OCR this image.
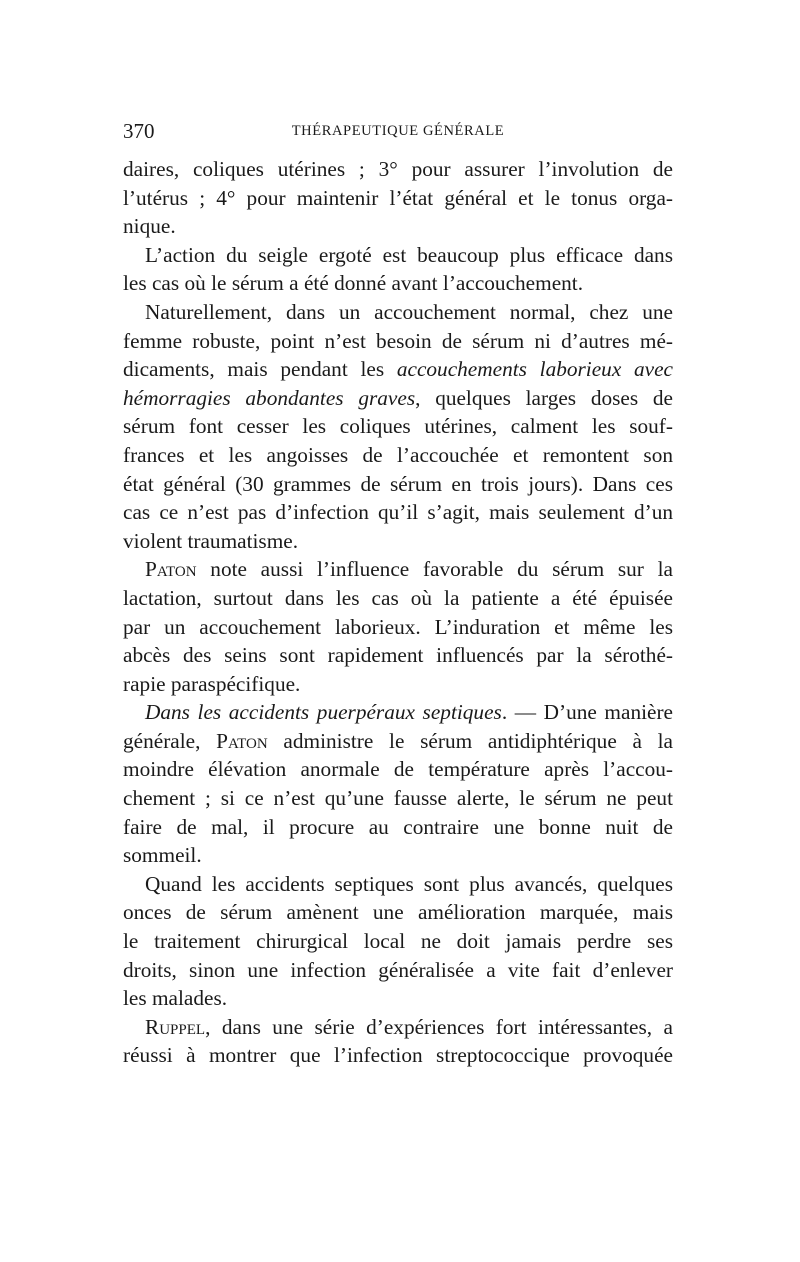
370	THÉRAPEUTIQUE GÉNÉRALE
daires, coliques utérines ; 3° pour assurer l’involution de
l’utérus ; 4° pour maintenir l’état général et le tonus orga-
nique.
L’action du seigle ergoté est beaucoup plus efficace dans
les cas où le sérum a été donné avant l’accouchement.
Naturellement, dans un accouchement normal, chez une
femme robuste, point n’est besoin de sérum ni d’autres mé-
dicaments, mais pendant les accouchements laborieux avec
hémorragies abondantes graves, quelques larges doses de
sérum font cesser les coliques utérines, calment les souf-
frances et les angoisses de l’accouchée et remontent son
état général (30 grammes de sérum en trois jours). Dans ces
cas ce n’est pas d’infection qu’il s’agit, mais seulement d’un
violent traumatisme.
Paton note aussi l’influence favorable du sérum sur la
lactation, surtout dans les cas où la patiente a été épuisée
par un accouchement laborieux. L’induration et même les
abcès des seins sont rapidement influencés par la sérothé-
rapie paraspécifique.
Dans les accidents puerpéraux septiques. — D’une manière
générale, Paton administre le sérum antidiphtérique à la
moindre élévation anormale de température après l’accou-
chement ; si ce n’est qu’une fausse alerte, le sérum ne peut
faire de mal, il procure au contraire une bonne nuit de
sommeil.
Quand les accidents septiques sont plus avancés, quelques
onces de sérum amènent une amélioration marquée, mais
le traitement chirurgical local ne doit jamais perdre ses
droits, sinon une infection généralisée a vite fait d’enlever
les malades.
Ruppel, dans une série d’expériences fort intéressantes, a
réussi à montrer que l’infection streptococcique provoquée
